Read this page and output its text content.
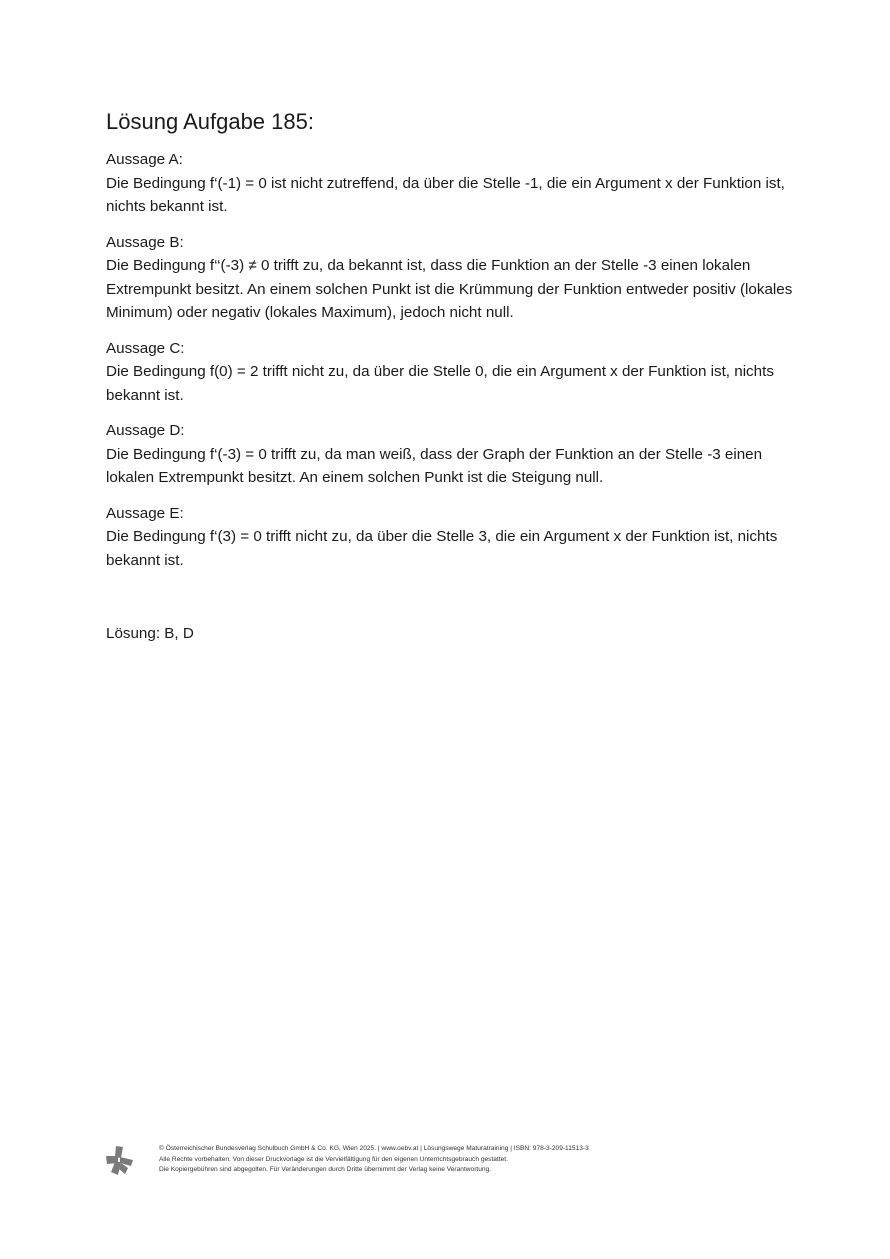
Lösung Aufgabe 185:
Aussage A:
Die Bedingung f‘(-1) = 0 ist nicht zutreffend, da über die Stelle -1, die ein Argument x der Funktion ist, nichts bekannt ist.
Aussage B:
Die Bedingung f‘‘(-3) ≠ 0 trifft zu, da bekannt ist, dass die Funktion an der Stelle -3 einen lokalen Extrempunkt besitzt. An einem solchen Punkt ist die Krümmung der Funktion entweder positiv (lokales Minimum) oder negativ (lokales Maximum), jedoch nicht null.
Aussage C:
Die Bedingung f(0) = 2 trifft nicht zu, da über die Stelle 0, die ein Argument x der Funktion ist, nichts bekannt ist.
Aussage D:
Die Bedingung f‘(-3) = 0 trifft zu, da man weiß, dass der Graph der Funktion an der Stelle -3 einen lokalen Extrempunkt besitzt. An einem solchen Punkt ist die Steigung null.
Aussage E:
Die Bedingung f‘(3) = 0 trifft nicht zu, da über die Stelle 3, die ein Argument x der Funktion ist, nichts bekannt ist.
Lösung: B, D
© Österreichischer Bundesverlag Schulbuch GmbH & Co. KG, Wien 2025. | www.oebv.at | Lösungswege Maturatraining | ISBN: 978-3-209-11513-3
Alle Rechte vorbehalten. Von dieser Druckvorlage ist die Vervielfältigung für den eigenen Unterrichtsgebrauch gestattet.
Die Kopiergebühren sind abgegolten. Für Veränderungen durch Dritte übernimmt der Verlag keine Verantwortung.
